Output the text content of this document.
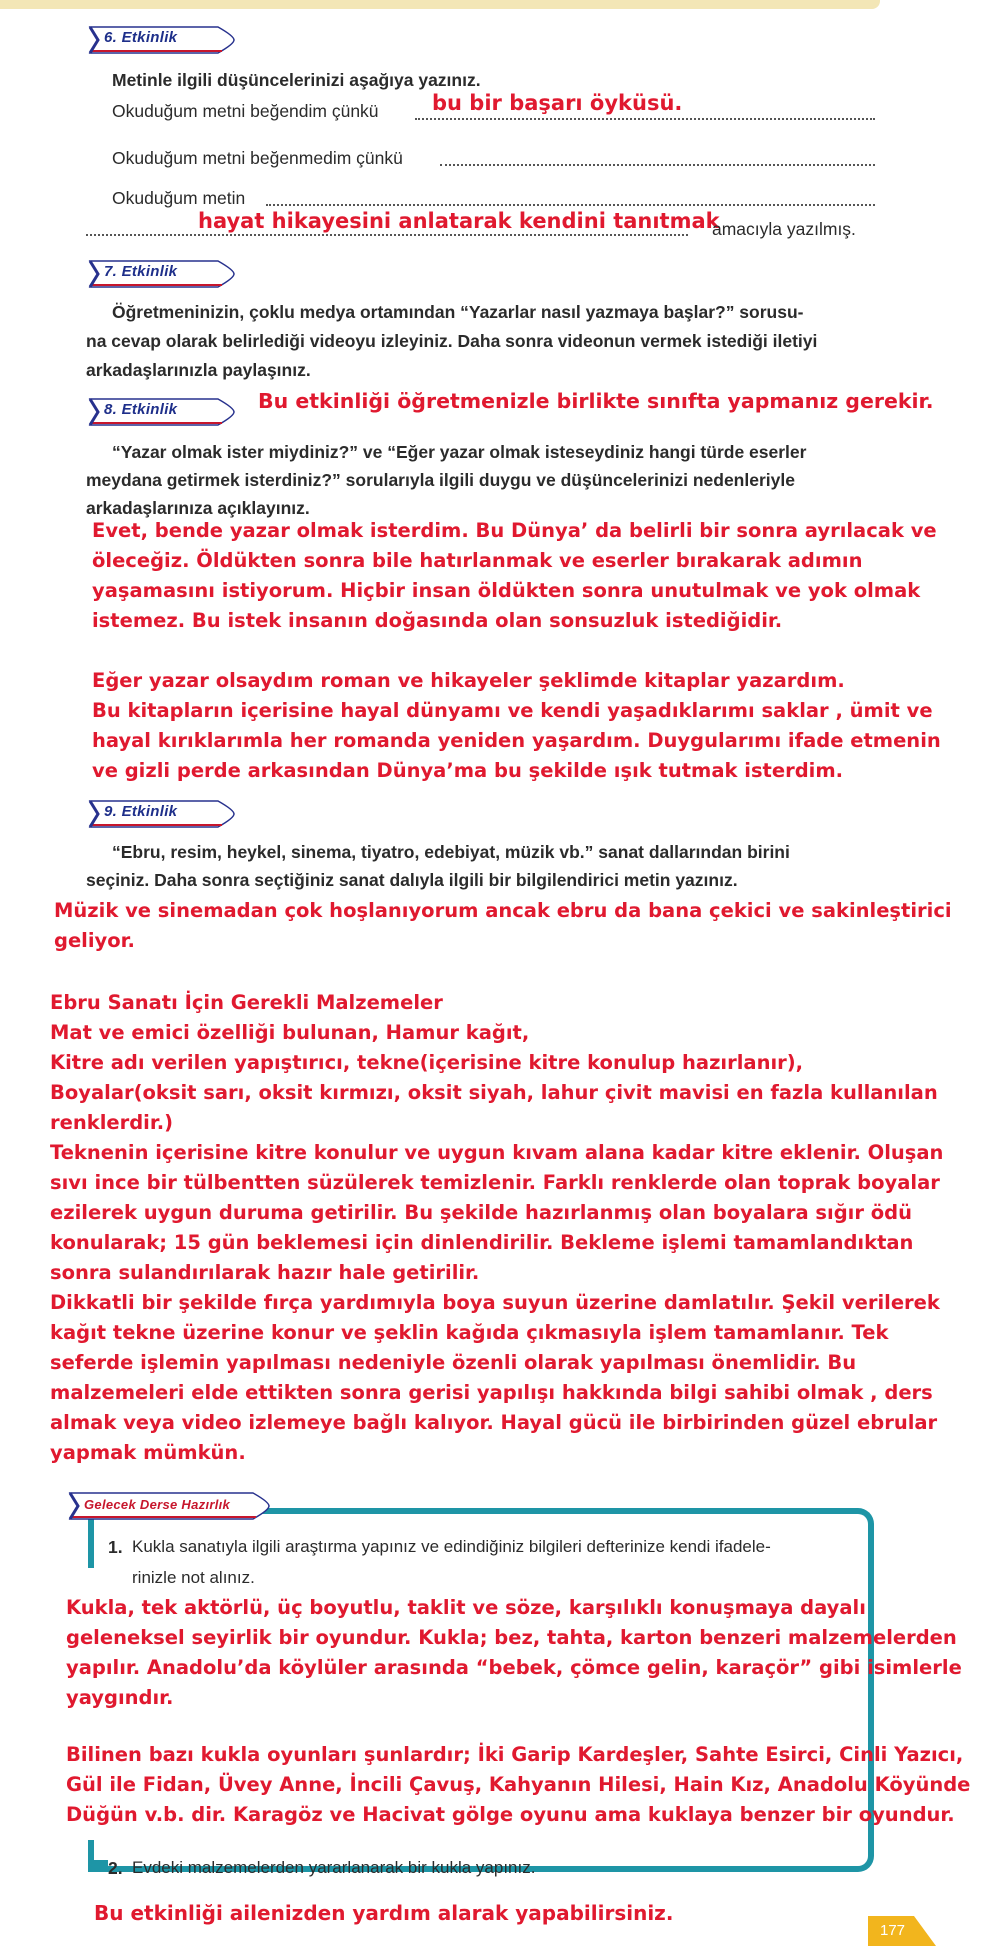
6. Etkinlik

Metinle ilgili düşüncelerinizi aşağıya yazınız.

Okuduğum metni beğendim çünkü	bu bir başarı öyküsü.

Okuduğum metni beğenmedim çünkü

Okuduğum metin

hayat hikayesini anlatarak kendini tanıtmak

amacıyla yazılmış.

7. Etkinlik

Öğretmeninizin, çoklu medya ortamından “Yazarlar nasıl yazmaya başlar?” sorusu-

na cevap olarak belirlediği videoyu izleyiniz. Daha sonra videonun vermek istediği iletiyi

arkadaşlarınızla paylaşınız.

8. Etkinlik	Bu etkinliği öğretmenizle birlikte sınıfta yapmanız gerekir.

“Yazar olmak ister miydiniz?” ve “Eğer yazar olmak isteseydiniz hangi türde eserler

meydana getirmek isterdiniz?” sorularıyla ilgili duygu ve düşüncelerinizi nedenleriyle

arkadaşlarınıza açıklayınız.

Evet, bende yazar olmak isterdim. Bu Dünya’ da belirli bir sonra ayrılacak ve
öleceğiz. Öldükten sonra bile hatırlanmak ve eserler bırakarak adımın
yaşamasını istiyorum. Hiçbir insan öldükten sonra unutulmak ve yok olmak
istemez. Bu istek insanın doğasında olan sonsuzluk istediğidir.
Eğer yazar olsaydım roman ve hikayeler şeklimde kitaplar yazardım.
Bu kitapların içerisine hayal dünyamı ve kendi yaşadıklarımı saklar , ümit ve
hayal kırıklarımla her romanda yeniden yaşardım. Duygularımı ifade etmenin
ve gizli perde arkasından Dünya’ma bu şekilde ışık tutmak isterdim.
9. Etkinlik

“Ebru, resim, heykel, sinema, tiyatro, edebiyat, müzik vb.” sanat dallarından birini

seçiniz. Daha sonra seçtiğiniz sanat dalıyla ilgili bir bilgilendirici metin yazınız.

Müzik ve sinemadan çok hoşlanıyorum ancak ebru da bana çekici ve sakinleştirici
geliyor.
Ebru Sanatı İçin Gerekli Malzemeler
Mat ve emici özelliği bulunan, Hamur kağıt,
Kitre adı verilen yapıştırıcı, tekne(içerisine kitre konulup hazırlanır),
Boyalar(oksit sarı, oksit kırmızı, oksit siyah, lahur çivit mavisi en fazla kullanılan
renklerdir.)
Teknenin içerisine kitre konulur ve uygun kıvam alana kadar kitre eklenir. Oluşan
sıvı ince bir tülbentten süzülerek temizlenir. Farklı renklerde olan toprak boyalar
ezilerek uygun duruma getirilir. Bu şekilde hazırlanmış olan boyalara sığır ödü
konularak; 15 gün beklemesi için dinlendirilir. Bekleme işlemi tamamlandıktan
sonra sulandırılarak hazır hale getirilir.
Dikkatli bir şekilde fırça yardımıyla boya suyun üzerine damlatılır. Şekil verilerek
kağıt tekne üzerine konur ve şeklin kağıda çıkmasıyla işlem tamamlanır. Tek
seferde işlemin yapılması nedeniyle özenli olarak yapılması önemlidir. Bu
malzemeleri elde ettikten sonra gerisi yapılışı hakkında bilgi sahibi olmak , ders
almak veya video izlemeye bağlı kalıyor. Hayal gücü ile birbirinden güzel ebrular
yapmak mümkün.
Gelecek Derse Hazırlık

1. Kukla sanatıyla ilgili araştırma yapınız ve edindiğiniz bilgileri defterinize kendi ifadele-

rinizle not alınız.

Kukla, tek aktörlü, üç boyutlu, taklit ve söze, karşılıklı konuşmaya dayalı
geleneksel seyirlik bir oyundur. Kukla; bez, tahta, karton benzeri malzemelerden
yapılır. Anadolu’da köylüler arasında “bebek, çömce gelin, karaçör” gibi isimlerle
yaygındır.
Bilinen bazı kukla oyunları şunlardır; İki Garip Kardeşler, Sahte Esirci, Cinli Yazıcı,
Gül ile Fidan, Üvey Anne, İncili Çavuş, Kahyanın Hilesi, Hain Kız, Anadolu Köyünde
Düğün v.b. dir. Karagöz ve Hacivat gölge oyunu ama kuklaya benzer bir oyundur.

2. Evdeki malzemelerden yararlanarak bir kukla yapınız.

Bu etkinliği ailenizden yardım alarak yapabilirsiniz.

177
